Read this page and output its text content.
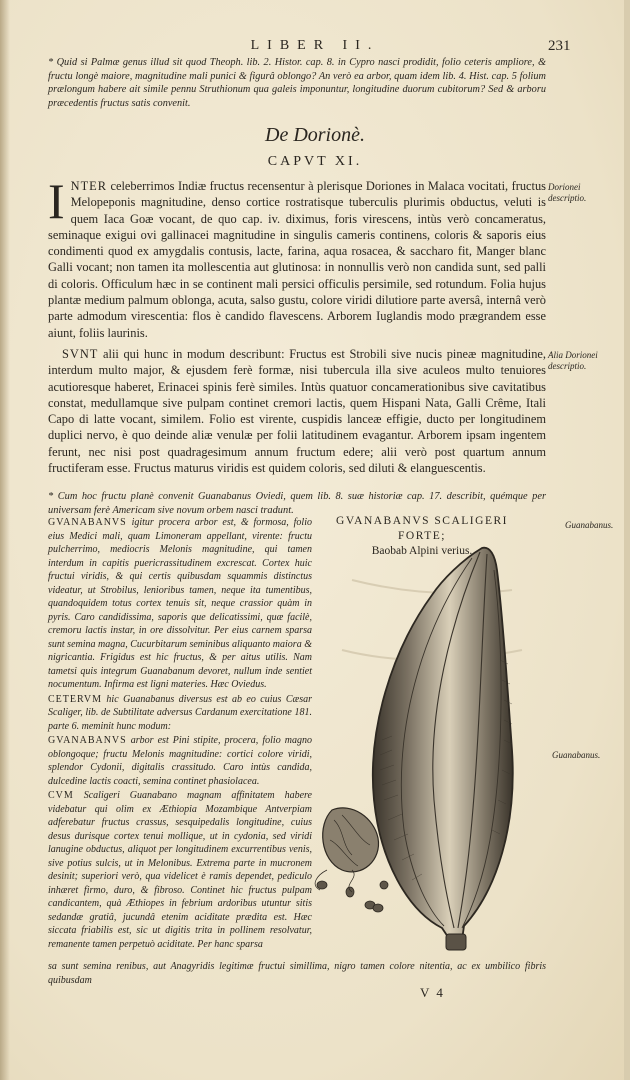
LIBER II.	231
* Quid si Palmæ genus illud sit quod Theoph. lib. 2. Histor. cap. 8. in Cypro nasci prodidit, folio ceteris ampliore, & fructu longè maiore, magnitudine mali punici & figurâ oblongo? An verò ea arbor, quam idem lib. 4. Hist. cap. 5 folium prælongum habere ait simile pennu Struthionum qua galeis imponuntur, longitudine duorum cubitorum? Sed & arboru præcedentis fructus satis convenit.
De Dorionè.
CAPVT XI.
INTER celeberrimos Indiæ fructus recensentur à plerisque Doriones in Malaca vocitati, fructus Melopeponis magnitudine, denso cortice rostratisque tuberculis plurimis obductus, veluti is quem Iaca Goæ vocant, de quo cap. iv. diximus, foris virescens, intùs verò concameratus, seminaque exigui ovi gallinacei magnitudine in singulis cameris continens, coloris & saporis eius condimenti quod ex amygdalis contusis, lacte, farina, aqua rosacea, & saccharo fit, Manger blanc Galli vocant; non tamen ita mollescentia aut glutinosa: in nonnullis verò non candida sunt, sed palli di coloris. Officulum hæc in se continent mali persici officulis persimile, sed rotundum. Folia hujus plantæ medium palmum oblonga, acuta, salso gustu, colore viridi dilutiore parte aversâ, internâ verò parte admodum virescentia: flos è candido flavescens. Arborem Iuglandis modo prægrandem esse aiunt, foliis laurinis.
SVNT alii qui hunc in modum describunt: Fructus est Strobili sive nucis pineæ magnitudine, interdum multo major, & ejusdem ferè formæ, nisi tubercula illa sive aculeos multo tenuiores acutioresque haberet, Erinacei spinis ferè similes. Intùs quatuor concamerationibus sive cavitatibus constat, medullamque sive pulpam continet cremori lactis, quem Hispani Nata, Galli Crême, Itali Capo di latte vocant, similem. Folio est virente, cuspidis lanceæ effigie, ducto per longitudinem duplici nervo, è quo deinde aliæ venulæ per folii latitudinem evagantur. Arborem ipsam ingentem ferunt, nec nisi post quadragesimum annum fructum edere; alii verò post quartum annum fructiferam esse. Fructus maturus viridis est quidem coloris, sed diluti & elanguescentis.
Dorionei descriptio.
Alia Dorionei descriptio.
Guanabanus.
Guanabanus.
* Cum hoc fructu planè convenit Guanabanus Oviedi, quem lib. 8. suæ historiæ cap. 17. describit, quémque per universam ferè Americam sive novum orbem nasci tradunt.

GVANABANVS igitur procera arbor est, & formosa, folio eius Medici mali, quam Limoneram appellant, virente: fructu pulcherrimo, mediocris Melonis magnitudine, qui tamen interdum in capitis puericrassitudinem excrescat. Cortex huic fructui viridis, & qui certis quibusdam squammis distinctus videatur, ut Strobilus, lenioribus tamen, neque ita tumentibus, quandoquidem totus cortex tenuis sit, neque crassior quàm in pyris. Caro candidissima, saporis que delicatissimi, quæ facilè, cremoru lactis instar, in ore dissolvitur. Per eius carnem sparsa sunt semina magna, Cucurbitarum seminibus aliquanto maiora & nigricantia. Frigidus est hic fructus, & per aitus utilis. Nam tametsi quis integrum Guanabanum devoret, nullum inde sentiet nocumentum. Infirma est ligni materies. Hæc Oviedus.

CETERVM hic Guanabanus diversus est ab eo cuius Cæsar Scaliger, lib. de Subtilitate adversus Cardanum exercitatione 181. parte 6. meminit hunc modum:

GVANABANVS arbor est Pini stipite, procera, folio magno oblongoque; fructu Melonis magnitudine: cortici colore viridi, splendor Cydonii, digitalis crassitudo. Caro intùs candida, dulcedine lactis coacti, semina continet phasiolacea.

CVM Scaligeri Guanabano magnam affinitatem habere videbatur qui olim ex Æthiopia Mozambique Antverpiam adferebatur fructus crassus, sesquipedalis longitudine, cuius desus durisque cortex tenui mollique, ut in cydonia, sed viridi lanugine obductus, aliquot per longitudinem excurrentibus venis, sive potius sulcis, ut in Melonibus. Extrema parte in mucronem desinit; superiori verò, qua videlicet è ramis dependet, pediculo inhæret firmo, duro, & fibroso. Continet hic fructus pulpam candicantem, quà Æthiopes in febrium ardoribus utuntur sitis sedandæ gratiâ, jucundâ etenim aciditate prædita est. Hæc siccata friabilis est, sic ut digitis trita in pollinem resolvatur, remanente tamen perpetuò aciditate. Per hanc sparsa

GVANABANVS SCALIGERI FORTE;
Baobab Alpini verius.
sa sunt semina renibus, aut Anagyridis legitimæ fructui simillima, nigro tamen colore nitentia, ac ex umbilico fibris quibusdam
V 4
